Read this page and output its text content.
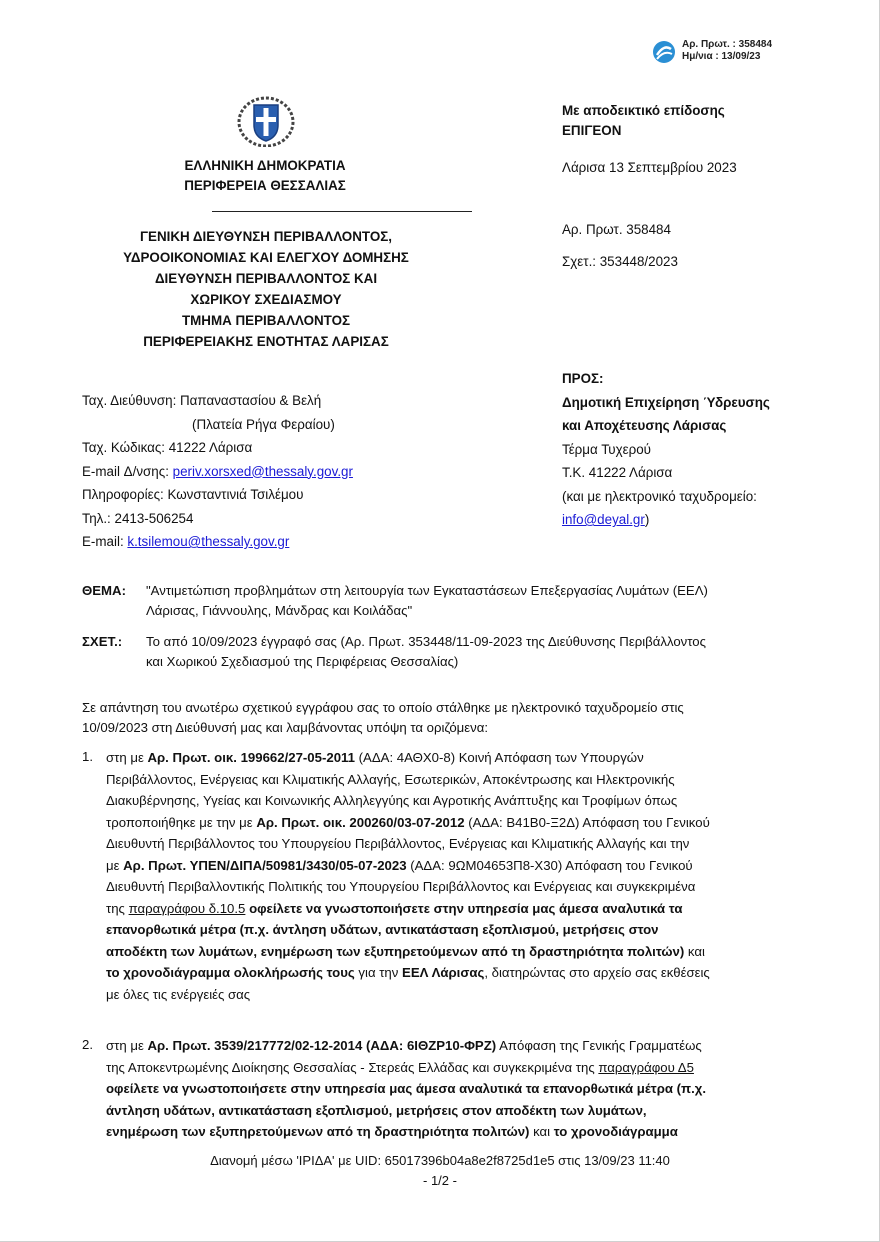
Αρ. Πρωτ. : 358484
Ημ/νια : 13/09/23
ΕΛΛΗΝΙΚΗ ΔΗΜΟΚΡΑΤΙΑ
ΠΕΡΙΦΕΡΕΙΑ ΘΕΣΣΑΛΙΑΣ
ΓΕΝΙΚΗ ΔΙΕΥΘΥΝΣΗ ΠΕΡΙΒΑΛΛΟΝΤΟΣ,
ΥΔΡΟΟΙΚΟΝΟΜΙΑΣ ΚΑΙ ΕΛΕΓΧΟΥ ΔΟΜΗΣΗΣ
ΔΙΕΥΘΥΝΣΗ ΠΕΡΙΒΑΛΛΟΝΤΟΣ ΚΑΙ
ΧΩΡΙΚΟΥ ΣΧΕΔΙΑΣΜΟΥ
ΤΜΗΜΑ ΠΕΡΙΒΑΛΛΟΝΤΟΣ
ΠΕΡΙΦΕΡΕΙΑΚΗΣ ΕΝΟΤΗΤΑΣ ΛΑΡΙΣΑΣ
Με αποδεικτικό επίδοσης
ΕΠΙΓΕΟΝ
Λάρισα 13 Σεπτεμβρίου 2023
Αρ. Πρωτ. 358484
Σχετ.: 353448/2023
Ταχ. Διεύθυνση: Παπαναστασίου & Βελή
(Πλατεία Ρήγα Φεραίου)
Ταχ. Κώδικας: 41222 Λάρισα
E-mail Δ/νσης: periv.xorsxed@thessaly.gov.gr
Πληροφορίες: Κωνσταντινιά Τσιλέμου
Τηλ.: 2413-506254
E-mail: k.tsilemou@thessaly.gov.gr
ΠΡΟΣ:
Δημοτική Επιχείρηση Ύδρευσης
και Αποχέτευσης Λάρισας
Τέρμα Τυχερού
Τ.Κ. 41222 Λάρισα
(και με ηλεκτρονικό ταχυδρομείο:
info@deyal.gr)
ΘΕΜΑ: "Αντιμετώπιση προβλημάτων στη λειτουργία των Εγκαταστάσεων Επεξεργασίας Λυμάτων (ΕΕΛ)
Λάρισας, Γιάννουλης, Μάνδρας και Κοιλάδας"
ΣΧΕΤ.: Το από 10/09/2023 έγγραφό σας (Αρ. Πρωτ. 353448/11-09-2023 της Διεύθυνσης Περιβάλλοντος
και Χωρικού Σχεδιασμού της Περιφέρειας Θεσσαλίας)
Σε απάντηση του ανωτέρω σχετικού εγγράφου σας το οποίο στάλθηκε με ηλεκτρονικό ταχυδρομείο στις
10/09/2023 στη Διεύθυνσή μας και λαμβάνοντας υπόψη τα οριζόμενα:
1. στη με Αρ. Πρωτ. οικ. 199662/27-05-2011 (ΑΔΑ: 4ΑΘΧ0-8) Κοινή Απόφαση των Υπουργών
Περιβάλλοντος, Ενέργειας και Κλιματικής Αλλαγής, Εσωτερικών, Αποκέντρωσης και Ηλεκτρονικής
Διακυβέρνησης, Υγείας και Κοινωνικής Αλληλεγγύης και Αγροτικής Ανάπτυξης και Τροφίμων όπως
τροποποιήθηκε με την με Αρ. Πρωτ. οικ. 200260/03-07-2012 (ΑΔΑ: Β41Β0-Ξ2Δ) Απόφαση του Γενικού
Διευθυντή Περιβάλλοντος του Υπουργείου Περιβάλλοντος, Ενέργειας και Κλιματικής Αλλαγής και την
με Αρ. Πρωτ. ΥΠΕΝ/ΔΙΠΑ/50981/3430/05-07-2023 (ΑΔΑ: 9ΩΜ04653Π8-Χ30) Απόφαση του Γενικού
Διευθυντή Περιβαλλοντικής Πολιτικής του Υπουργείου Περιβάλλοντος και Ενέργειας και συγκεκριμένα
της παραγράφου δ.10.5 οφείλετε να γνωστοποιήσετε στην υπηρεσία μας άμεσα αναλυτικά τα
επανορθωτικά μέτρα (π.χ. άντληση υδάτων, αντικατάσταση εξοπλισμού, μετρήσεις στον
αποδέκτη των λυμάτων, ενημέρωση των εξυπηρετούμενων από τη δραστηριότητα πολιτών) και
το χρονοδιάγραμμα ολοκλήρωσής τους για την ΕΕΛ Λάρισας, διατηρώντας στο αρχείο σας εκθέσεις
με όλες τις ενέργειές σας
2. στη με Αρ. Πρωτ. 3539/217772/02-12-2014 (ΑΔΑ: 6ΙΘΖΡ10-ΦΡΖ) Απόφαση της Γενικής Γραμματέως
της Αποκεντρωμένης Διοίκησης Θεσσαλίας - Στερεάς Ελλάδας και συγκεκριμένα της παραγράφου Δ5
οφείλετε να γνωστοποιήσετε στην υπηρεσία μας άμεσα αναλυτικά τα επανορθωτικά μέτρα (π.χ.
άντληση υδάτων, αντικατάσταση εξοπλισμού, μετρήσεις στον αποδέκτη των λυμάτων,
ενημέρωση των εξυπηρετούμενων από τη δραστηριότητα πολιτών) και το χρονοδιάγραμμα
Διανομή μέσω 'ΙΡΙΔΑ' με UID: 65017396b04a8e2f8725d1e5 στις 13/09/23 11:40
- 1/2 -
